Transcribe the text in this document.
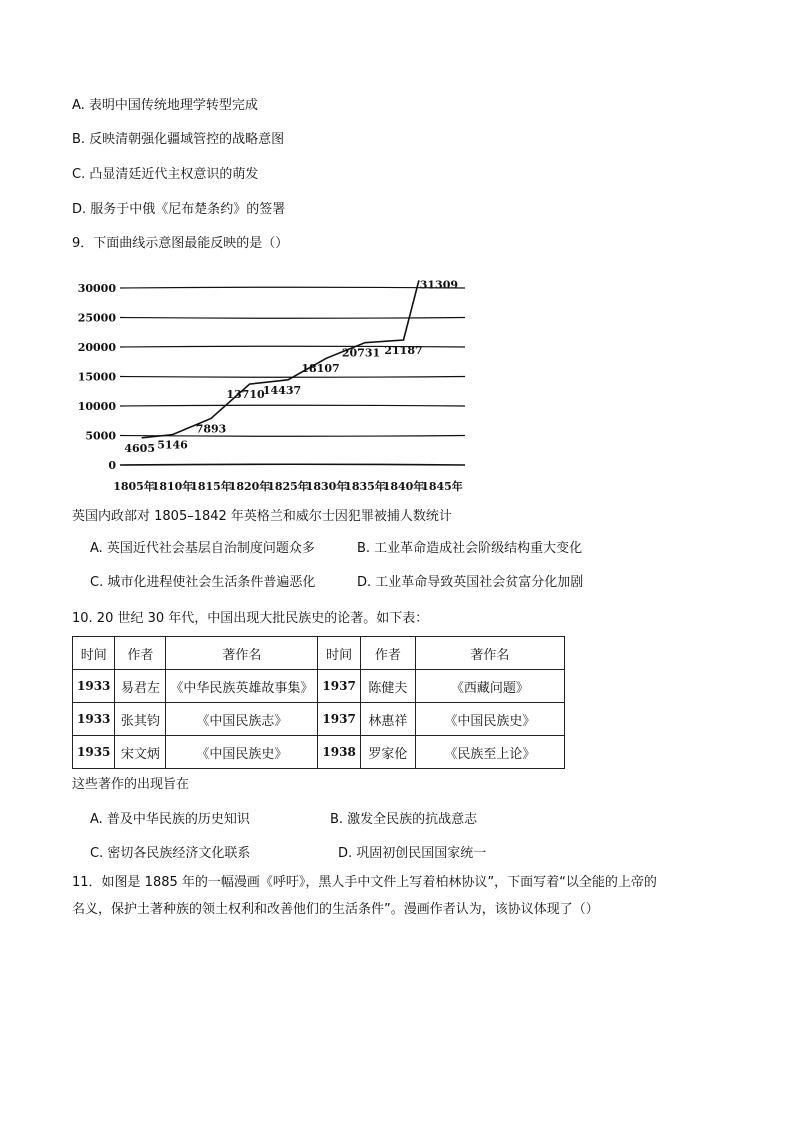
A. 表明中国传统地理学转型完成
B. 反映清朝强化疆域管控的战略意图
C. 凸显清廷近代主权意识的萌发
D. 服务于中俄《尼布楚条约》的签署
9．下面曲线示意图最能反映的是（）
30000
25000
20000
15000
10000
5000
0
1805年
1810年
1815年
1820年
1825年
1830年
1835年
1840年
1845年
4605 5146
7893
13710
14437
18107
20731 21187
31309
英国内政部对 1805–1842 年英格兰和威尔士因犯罪被捕人数统计
A. 英国近代社会基层自治制度问题众多	B. 工业革命造成社会阶级结构重大变化
C. 城市化进程使社会生活条件普遍恶化	D. 工业革命导致英国社会贫富分化加剧
10. 20 世纪 30 年代，中国出现大批民族史的论著。如下表：
时间	作者	著作名	时间	作者	著作名
1933	易君左	《中华民族英雄故事集》	1937	陈健夫	《西藏问题》
1933	张其钧	《中国民族志》	1937	林惠祥	《中国民族史》
1935	宋文炳	《中国民族史》	1938	罗家伦	《民族至上论》
这些著作的出现旨在
A. 普及中华民族的历史知识	B. 激发全民族的抗战意志
C. 密切各民族经济文化联系	D. 巩固初创民国国家统一
11．如图是 1885 年的一幅漫画《呼吁》，黑人手中文件上写着柏林协议”，下面写着“以全能的上帝的
名义，保护土著种族的领土权利和改善他们的生活条件”。漫画作者认为，该协议体现了（）
